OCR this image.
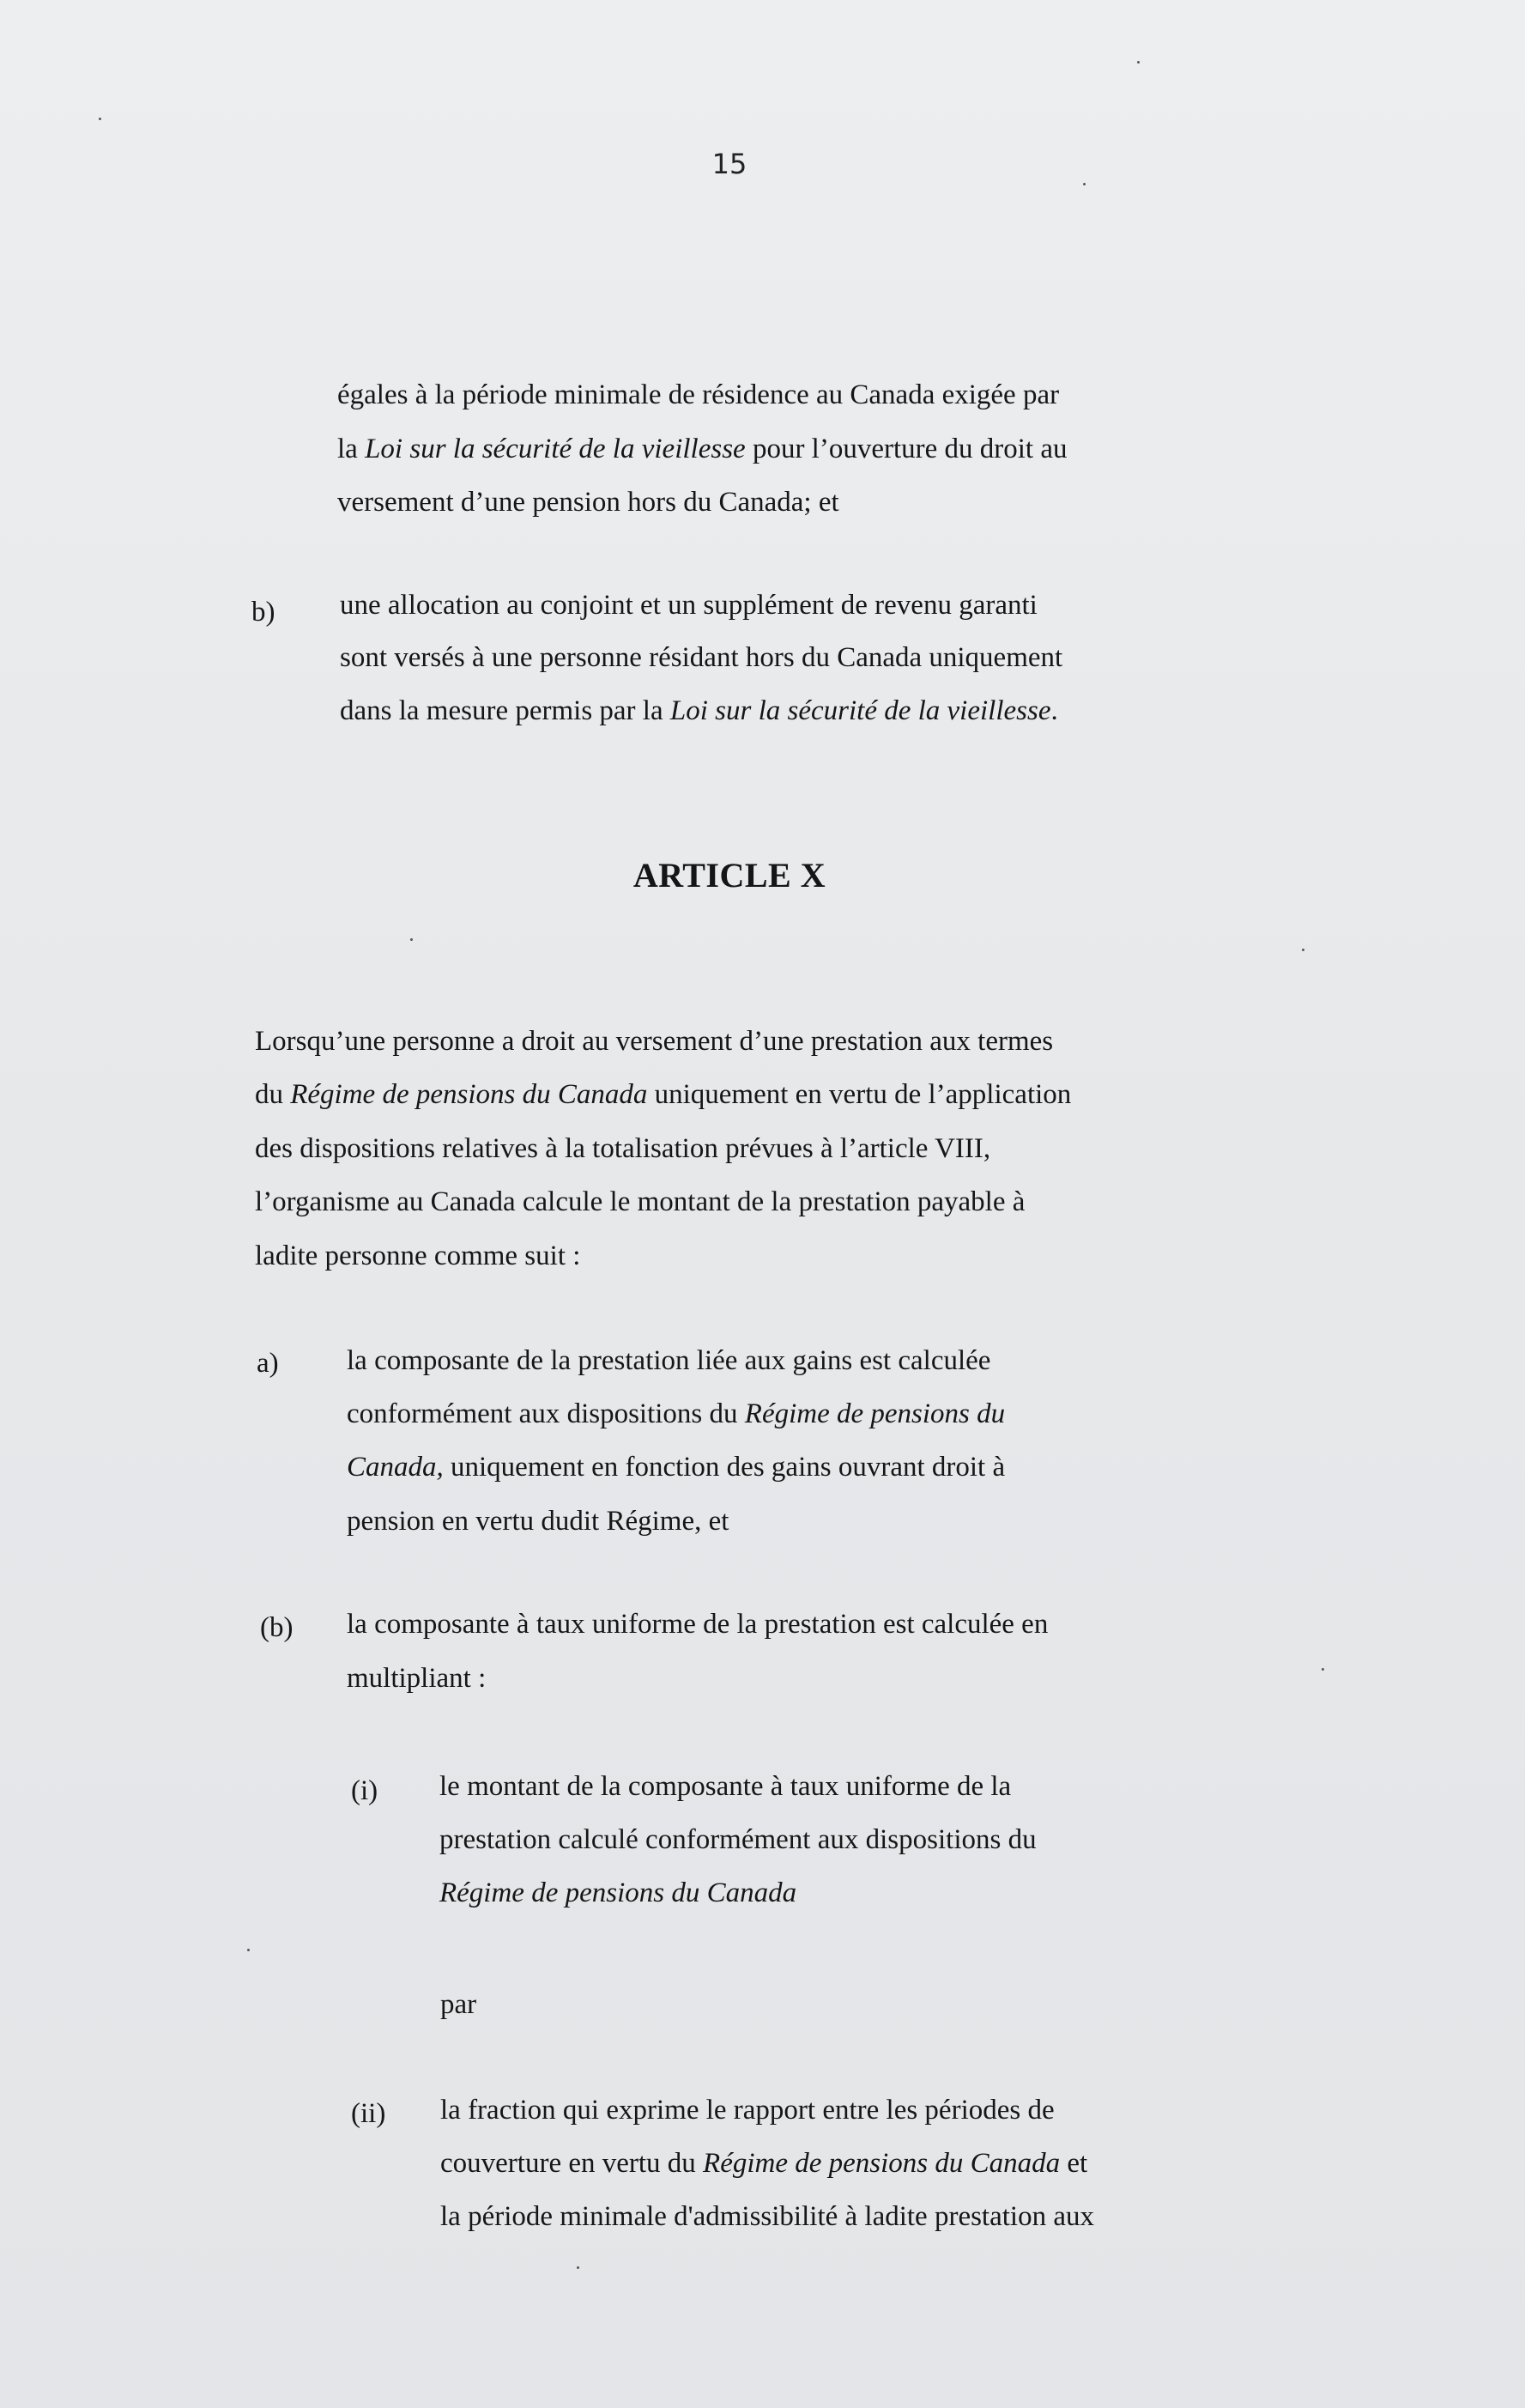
15
égales à la période minimale de résidence au Canada exigée par
la Loi sur la sécurité de la vieillesse pour l’ouverture du droit au
versement d’une pension hors du Canada; et
b) une allocation au conjoint et un supplément de revenu garanti
sont versés à une personne résidant hors du Canada uniquement
dans la mesure permis par la Loi sur la sécurité de la vieillesse.
ARTICLE X
Lorsqu’une personne a droit au versement d’une prestation aux termes
du Régime de pensions du Canada uniquement en vertu de l’application
des dispositions relatives à la totalisation prévues à l’article VIII,
l’organisme au Canada calcule le montant de la prestation payable à
ladite personne comme suit :
a) la composante de la prestation liée aux gains est calculée
conformément aux dispositions du Régime de pensions du
Canada, uniquement en fonction des gains ouvrant droit à
pension en vertu dudit Régime, et
(b) la composante à taux uniforme de la prestation est calculée en
multipliant :
(i) le montant de la composante à taux uniforme de la
prestation calculé conformément aux dispositions du
Régime de pensions du Canada
par
(ii) la fraction qui exprime le rapport entre les périodes de
couverture en vertu du Régime de pensions du Canada et
la période minimale d'admissibilité à ladite prestation aux
